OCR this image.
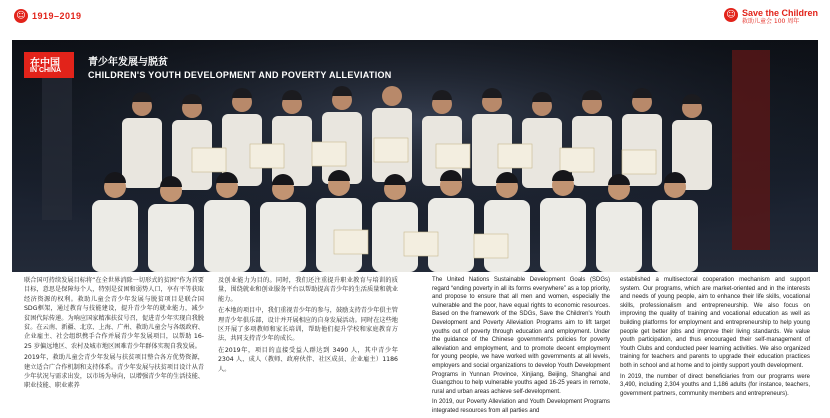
☺ 1919–2019	☺ Save the Children
救助儿童会 100 周年
在中国
IN CHINA
青少年发展与脱贫
CHILDREN'S YOUTH DEVELOPMENT AND POVERTY ALLEVIATION

联合国可持续发展目标将“在全世界消除一切形式的贫困”作为首要目标，意思是保障每个人，特别是贫困和弱势人口，享有平等获取经济资源的权利。救助儿童会青少年发展与脱贫项目是联合国SDG框架，通过教育与技能建设，提升青少年的就业能力，减少贫困代际传递。为响应国家精准扶贫号召，促进青少年实现自我脱贫。在云南、新疆、北京、上海、广州、救助儿童会与各级政府、企业雇主、社会组织携手合作并展青少年发展项目，以帮助 16-25 岁偏远地区、农村及城市地区困难青少年群体实现自我发展。

2019年，救助儿童会青少年发展与扶贫项目整合各方优势资源，建立适合广合作机制和支持体系。青少年发展与扶贫项目设计从青少年状况与需求出发，以市场为导向，以增强青少年的生活技能、职业技能、职业素养

及创业能力为目的。同时，我们还注重提升职业教育与培训的质量，围绕就业和创业服务平台以帮助提高青少年的生活质量和就业能力。

在本地的项目中，我们重视青少年的参与，鼓励支持青少年俱主管理青少年俱乐部，设计并开展相应的自身发展活动。同时在这些地区开展了多项教师和家长培训，帮助他们提升学校和家庭教育方法，共同支持青少年的成长。

在2019年，项目的直接受益人群达到 3490 人，其中青少年 2304 人、成人（教师、政府伙伴、社区成员、企业雇主）1186 人。

The United Nations Sustainable Development Goals (SDGs) regard “ending poverty in all its forms everywhere” as a top priority, and propose to ensure that all men and women, especially the vulnerable and the poor, have equal rights to economic resources. Based on the framework of the SDGs, Save the Children's Youth Development and Poverty Alleviation Programs aim to lift target youths out of poverty through education and employment. Under the guidance of the Chinese government's policies for poverty alleviation and employment, and to promote decent employment for young people, we have worked with governments at all levels, employers and social organizations to develop Youth Development Programs in Yunnan Province, Xinjiang, Beijing, Shanghai and Guangzhou to help vulnerable youths aged 16-25 years in remote, rural and urban areas achieve self-development.

In 2019, our Poverty Alleviation and Youth Development Programs integrated resources from all parties and

established a multisectoral cooperation mechanism and support system. Our programs, which are market-oriented and in the interests and needs of young people, aim to enhance their life skills, vocational skills, professionalism and entrepreneurship. We also focus on improving the quality of training and vocational education as well as building platforms for employment and entrepreneurship to help young people get better jobs and improve their living standards. We value youth participation, and thus encouraged their self-management of Youth Clubs and conducted peer learning activities. We also organized training for teachers and parents to upgrade their education practices both in school and at home and to jointly support youth development.

In 2019, the number of direct beneficiaries from our programs were 3,490, including 2,304 youths and 1,186 adults (for instance, teachers, government partners, community members and entrepreneurs).
